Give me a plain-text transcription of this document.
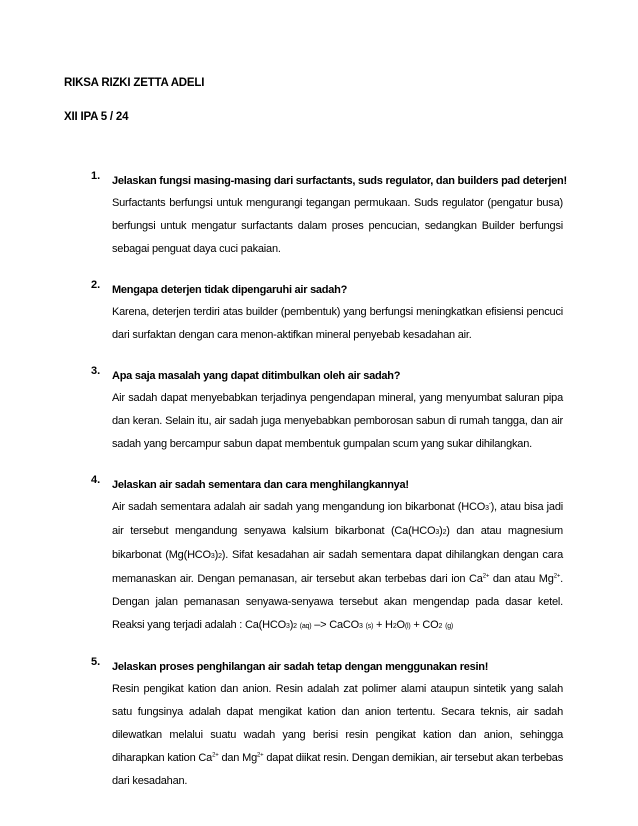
RIKSA RIZKI ZETTA ADELI
XII IPA 5 / 24
1. Jelaskan fungsi masing-masing dari surfactants, suds regulator, dan builders pad deterjen!
Surfactants berfungsi untuk mengurangi tegangan permukaan. Suds regulator (pengatur busa) berfungsi untuk mengatur surfactants dalam proses pencucian, sedangkan Builder berfungsi sebagai penguat daya cuci pakaian.
2. Mengapa deterjen tidak dipengaruhi air sadah?
Karena, deterjen terdiri atas builder (pembentuk) yang berfungsi meningkatkan efisiensi pencuci dari surfaktan dengan cara menon-aktifkan mineral penyebab kesadahan air.
3. Apa saja masalah yang dapat ditimbulkan oleh air sadah?
Air sadah dapat menyebabkan terjadinya pengendapan mineral, yang menyumbat saluran pipa dan keran. Selain itu, air sadah juga menyebabkan pemborosan sabun di rumah tangga, dan air sadah yang bercampur sabun dapat membentuk gumpalan scum yang sukar dihilangkan.
4. Jelaskan air sadah sementara dan cara menghilangkannya!
Air sadah sementara adalah air sadah yang mengandung ion bikarbonat (HCO3-), atau bisa jadi air tersebut mengandung senyawa kalsium bikarbonat (Ca(HCO3)2) dan atau magnesium bikarbonat (Mg(HCO3)2). Sifat kesadahan air sadah sementara dapat dihilangkan dengan cara memanaskan air. Dengan pemanasan, air tersebut akan terbebas dari ion $Ca^{2+}$ dan atau $Mg^{2+}$. Dengan jalan pemanasan senyawa-senyawa tersebut akan mengendap pada dasar ketel. Reaksi yang terjadi adalah : Ca(HCO3)2 (aq) –> CaCO3 (s) + H2O(l) + CO2 (g)
5. Jelaskan proses penghilangan air sadah tetap dengan menggunakan resin!
Resin pengikat kation dan anion. Resin adalah zat polimer alami ataupun sintetik yang salah satu fungsinya adalah dapat mengikat kation dan anion tertentu. Secara teknis, air sadah dilewatkan melalui suatu wadah yang berisi resin pengikat kation dan anion, sehingga diharapkan kation $Ca^{2+}$ dan $Mg^{2+}$ dapat diikat resin. Dengan demikian, air tersebut akan terbebas dari kesadahan.
